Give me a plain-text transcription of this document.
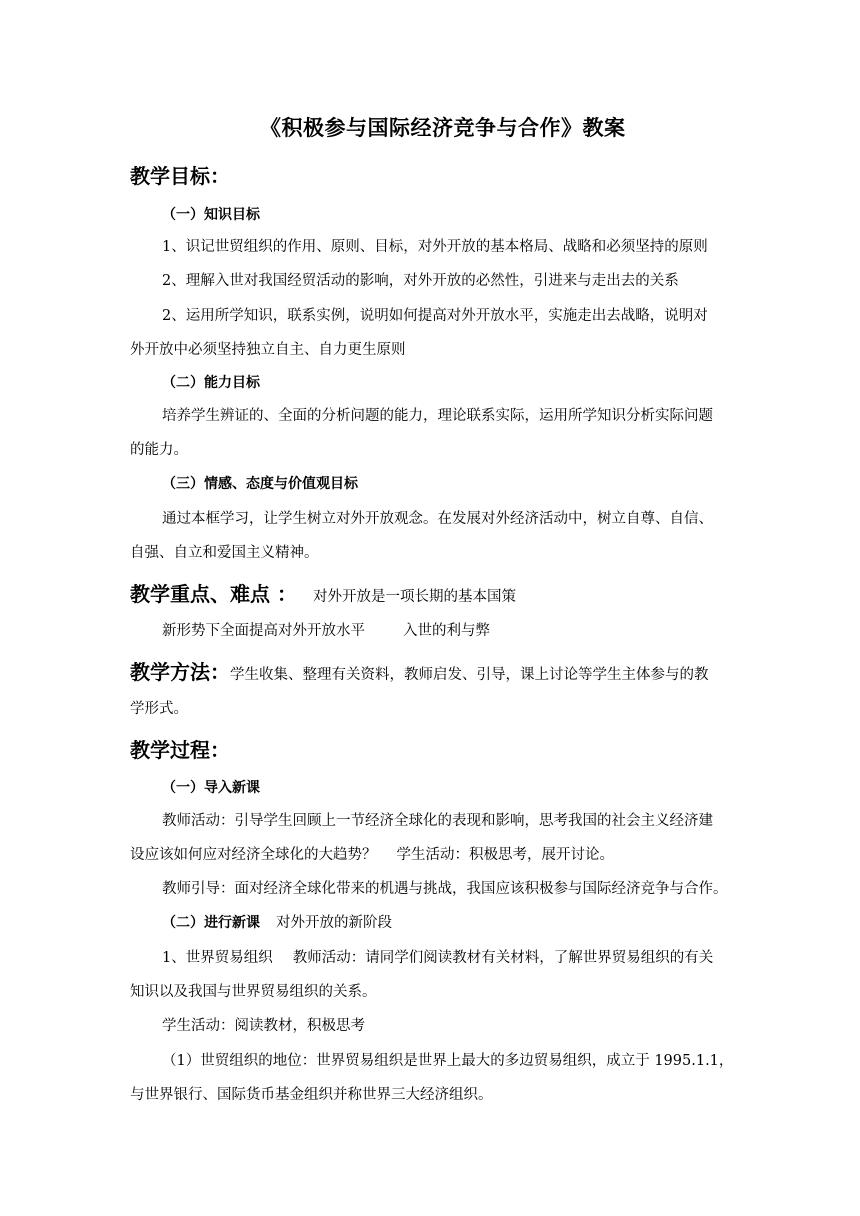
《积极参与国际经济竞争与合作》教案
教学目标：
（一）知识目标
1、识记世贸组织的作用、原则、目标，对外开放的基本格局、战略和必须坚持的原则
2、理解入世对我国经贸活动的影响，对外开放的必然性，引进来与走出去的关系
2、运用所学知识，联系实例，说明如何提高对外开放水平，实施走出去战略，说明对
外开放中必须坚持独立自主、自力更生原则
（二）能力目标
培养学生辨证的、全面的分析问题的能力，理论联系实际，运用所学知识分析实际问题
的能力。
（三）情感、态度与价值观目标
通过本框学习，让学生树立对外开放观念。在发展对外经济活动中，树立自尊、自信、
自强、自立和爱国主义精神。
教学重点、难点 ： 对外开放是一项长期的基本国策
新形势下全面提高对外开放水平	入世的利与弊
教学方法：学生收集、整理有关资料，教师启发、引导，课上讨论等学生主体参与的教
学形式。
教学过程：
（一）导入新课
教师活动：引导学生回顾上一节经济全球化的表现和影响，思考我国的社会主义经济建
设应该如何应对经济全球化的大趋势？ 学生活动：积极思考，展开讨论。
教师引导：面对经济全球化带来的机遇与挑战，我国应该积极参与国际经济竞争与合作。
（二）进行新课 对外开放的新阶段
1、世界贸易组织 教师活动：请同学们阅读教材有关材料，了解世界贸易组织的有关
知识以及我国与世界贸易组织的关系。
学生活动：阅读教材，积极思考
（1）世贸组织的地位：世界贸易组织是世界上最大的多边贸易组织，成立于 1995.1.1，
与世界银行、国际货币基金组织并称世界三大经济组织。
